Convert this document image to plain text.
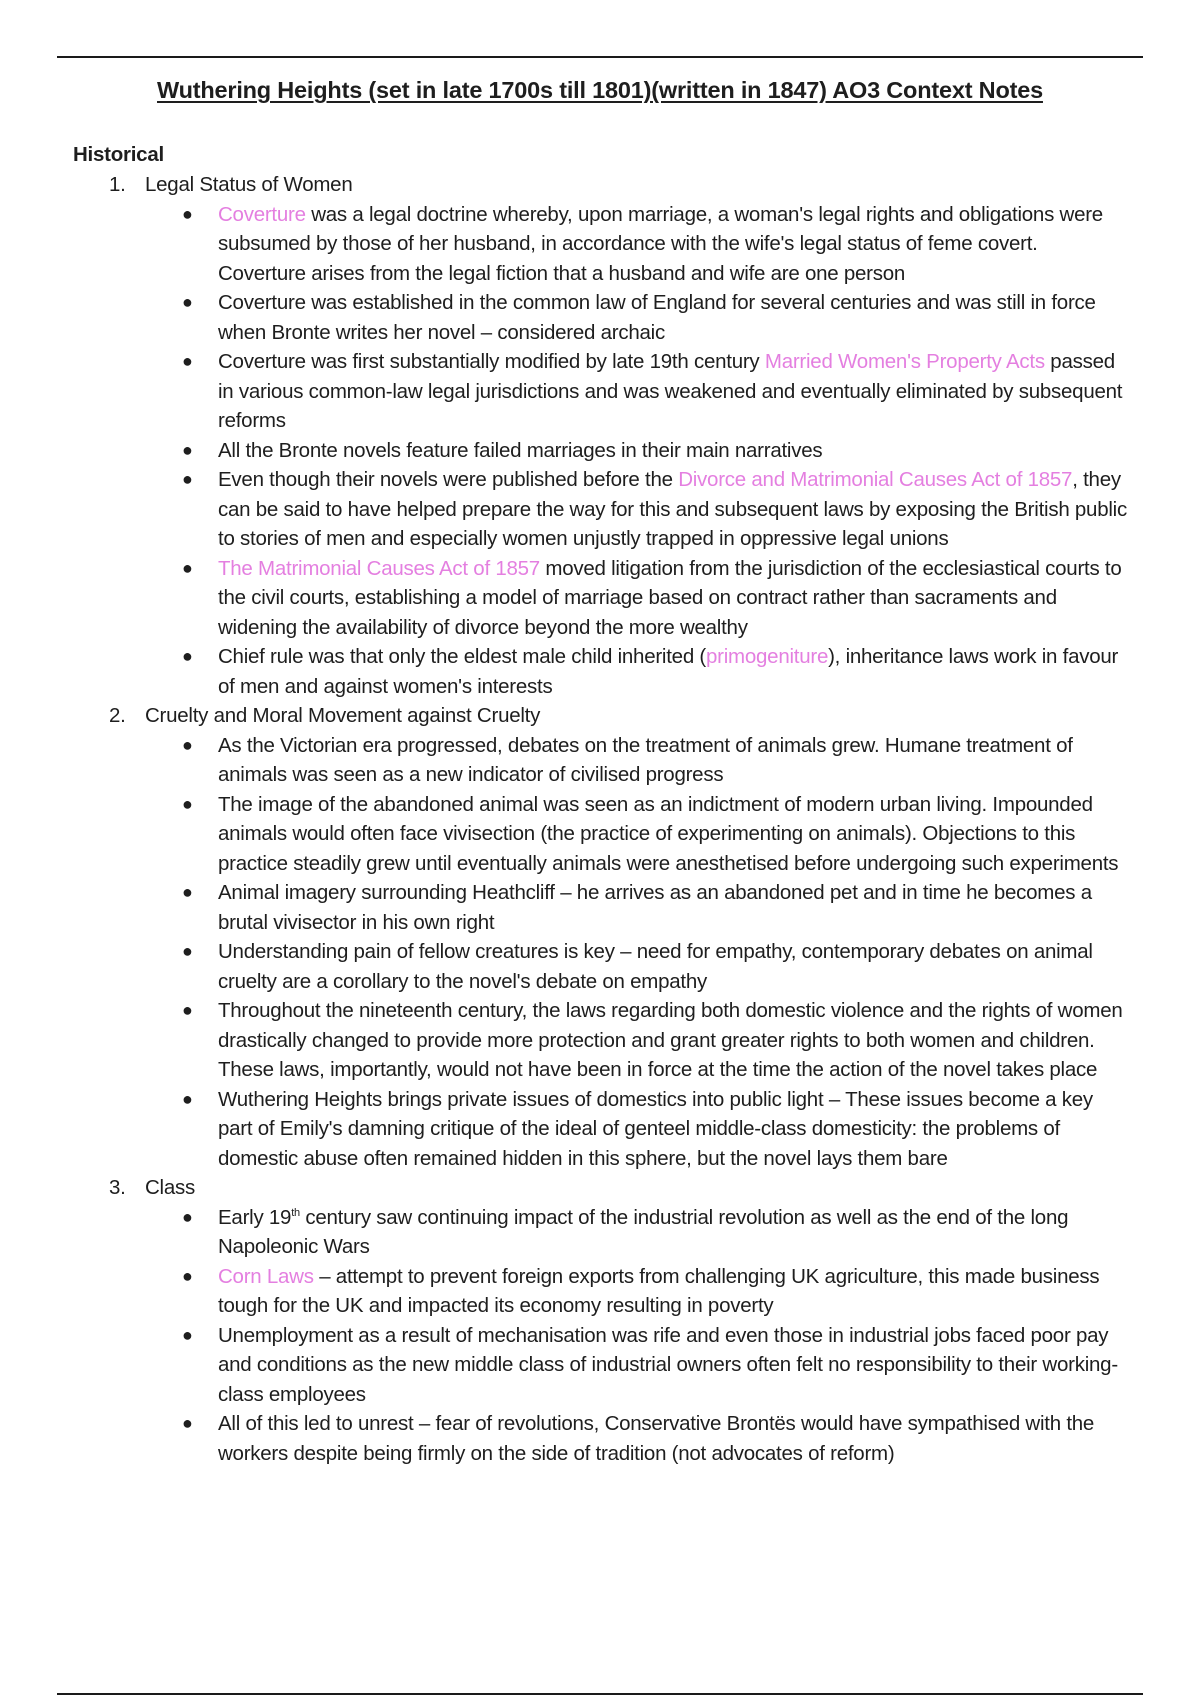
Wuthering Heights (set in late 1700s till 1801)(written in 1847) AO3 Context Notes
Historical
1. Legal Status of Women
● Coverture was a legal doctrine whereby, upon marriage, a woman's legal rights and obligations were subsumed by those of her husband, in accordance with the wife's legal status of feme covert. Coverture arises from the legal fiction that a husband and wife are one person
● Coverture was established in the common law of England for several centuries and was still in force when Bronte writes her novel – considered archaic
● Coverture was first substantially modified by late 19th century Married Women's Property Acts passed in various common-law legal jurisdictions and was weakened and eventually eliminated by subsequent reforms
● All the Bronte novels feature failed marriages in their main narratives
● Even though their novels were published before the Divorce and Matrimonial Causes Act of 1857, they can be said to have helped prepare the way for this and subsequent laws by exposing the British public to stories of men and especially women unjustly trapped in oppressive legal unions
● The Matrimonial Causes Act of 1857 moved litigation from the jurisdiction of the ecclesiastical courts to the civil courts, establishing a model of marriage based on contract rather than sacraments and widening the availability of divorce beyond the more wealthy
● Chief rule was that only the eldest male child inherited (primogeniture), inheritance laws work in favour of men and against women's interests
2. Cruelty and Moral Movement against Cruelty
● As the Victorian era progressed, debates on the treatment of animals grew. Humane treatment of animals was seen as a new indicator of civilised progress
● The image of the abandoned animal was seen as an indictment of modern urban living. Impounded animals would often face vivisection (the practice of experimenting on animals). Objections to this practice steadily grew until eventually animals were anesthetised before undergoing such experiments
● Animal imagery surrounding Heathcliff – he arrives as an abandoned pet and in time he becomes a brutal vivisector in his own right
● Understanding pain of fellow creatures is key – need for empathy, contemporary debates on animal cruelty are a corollary to the novel's debate on empathy
● Throughout the nineteenth century, the laws regarding both domestic violence and the rights of women drastically changed to provide more protection and grant greater rights to both women and children. These laws, importantly, would not have been in force at the time the action of the novel takes place
● Wuthering Heights brings private issues of domestics into public light – These issues become a key part of Emily's damning critique of the ideal of genteel middle-class domesticity: the problems of domestic abuse often remained hidden in this sphere, but the novel lays them bare
3. Class
● Early 19th century saw continuing impact of the industrial revolution as well as the end of the long Napoleonic Wars
● Corn Laws – attempt to prevent foreign exports from challenging UK agriculture, this made business tough for the UK and impacted its economy resulting in poverty
● Unemployment as a result of mechanisation was rife and even those in industrial jobs faced poor pay and conditions as the new middle class of industrial owners often felt no responsibility to their working-class employees
● All of this led to unrest – fear of revolutions, Conservative Brontës would have sympathised with the workers despite being firmly on the side of tradition (not advocates of reform)
